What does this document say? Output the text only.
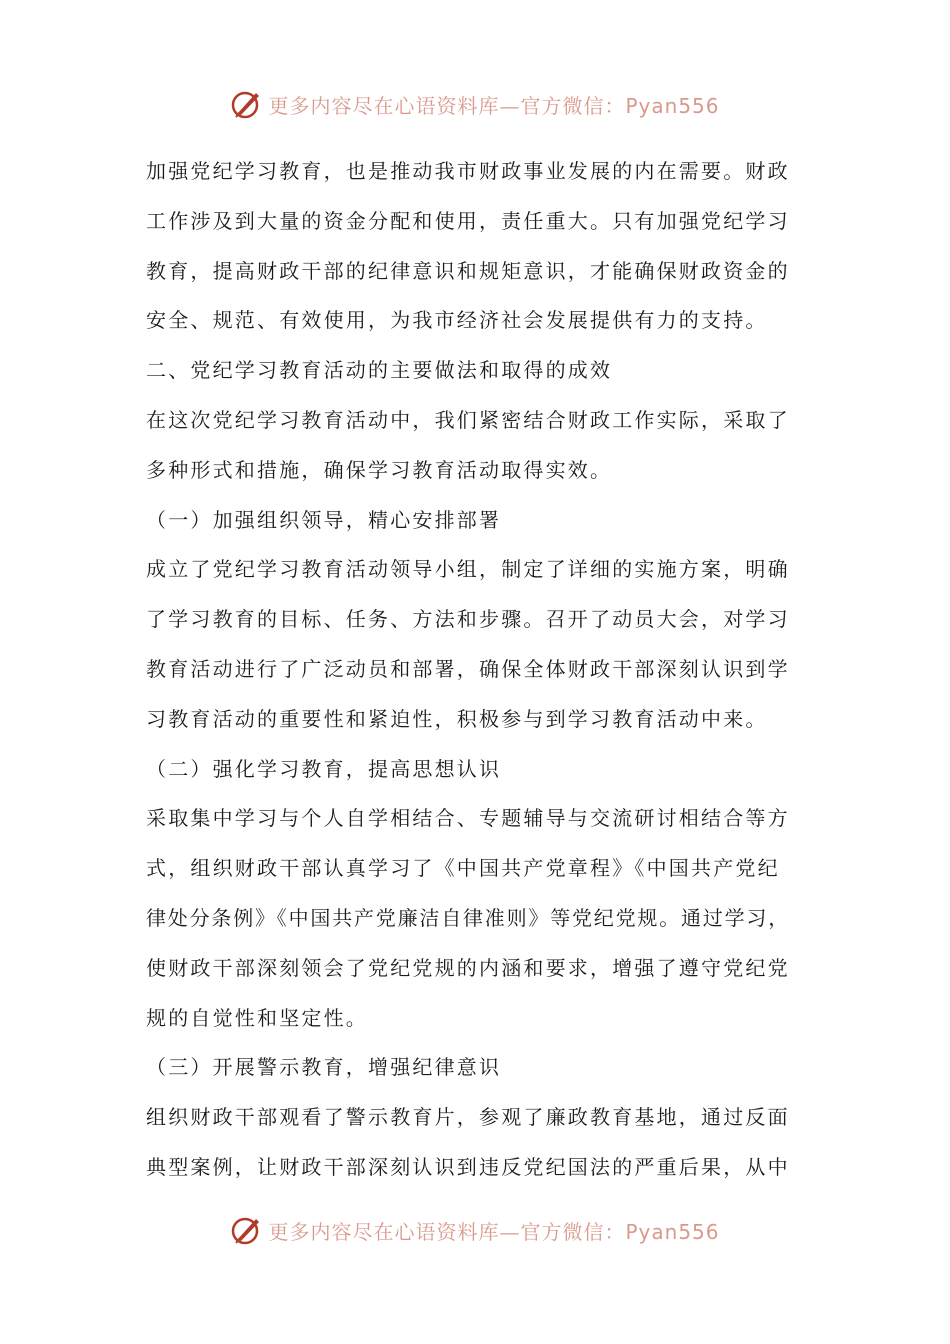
更多内容尽在心语资料库—官方微信：Pyan556
加强党纪学习教育，也是推动我市财政事业发展的内在需要。财政
工作涉及到大量的资金分配和使用，责任重大。只有加强党纪学习
教育，提高财政干部的纪律意识和规矩意识，才能确保财政资金的
安全、规范、有效使用，为我市经济社会发展提供有力的支持。
二、党纪学习教育活动的主要做法和取得的成效
在这次党纪学习教育活动中，我们紧密结合财政工作实际，采取了
多种形式和措施，确保学习教育活动取得实效。
（一）加强组织领导，精心安排部署
成立了党纪学习教育活动领导小组，制定了详细的实施方案，明确
了学习教育的目标、任务、方法和步骤。召开了动员大会，对学习
教育活动进行了广泛动员和部署，确保全体财政干部深刻认识到学
习教育活动的重要性和紧迫性，积极参与到学习教育活动中来。
（二）强化学习教育，提高思想认识
采取集中学习与个人自学相结合、专题辅导与交流研讨相结合等方
式，组织财政干部认真学习了《中国共产党章程》《中国共产党纪
律处分条例》《中国共产党廉洁自律准则》等党纪党规。通过学习，
使财政干部深刻领会了党纪党规的内涵和要求，增强了遵守党纪党
规的自觉性和坚定性。
（三）开展警示教育，增强纪律意识
组织财政干部观看了警示教育片，参观了廉政教育基地，通过反面
典型案例，让财政干部深刻认识到违反党纪国法的严重后果，从中
更多内容尽在心语资料库—官方微信：Pyan556
